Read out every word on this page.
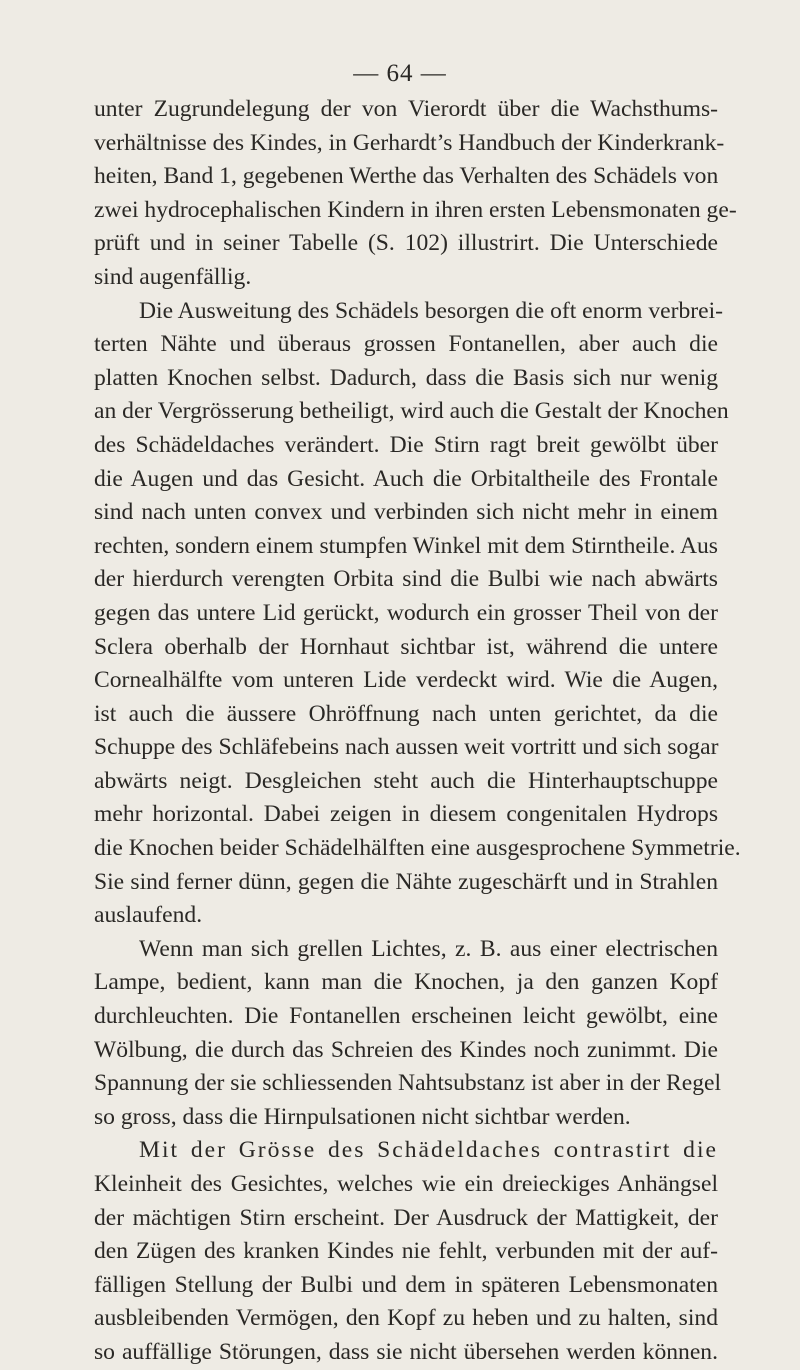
— 64 —
unter Zugrundelegung der von Vierordt über die Wachsthums-
verhältnisse des Kindes, in Gerhardt’s Handbuch der Kinderkrank-
heiten, Band 1, gegebenen Werthe das Verhalten des Schädels von
zwei hydrocephalischen Kindern in ihren ersten Lebensmonaten ge-
prüft und in seiner Tabelle (S. 102) illustrirt. Die Unterschiede
sind augenfällig.
Die Ausweitung des Schädels besorgen die oft enorm verbrei-
terten Nähte und überaus grossen Fontanellen, aber auch die
platten Knochen selbst. Dadurch, dass die Basis sich nur wenig
an der Vergrösserung betheiligt, wird auch die Gestalt der Knochen
des Schädeldaches verändert. Die Stirn ragt breit gewölbt über
die Augen und das Gesicht. Auch die Orbitaltheile des Frontale
sind nach unten convex und verbinden sich nicht mehr in einem
rechten, sondern einem stumpfen Winkel mit dem Stirntheile. Aus
der hierdurch verengten Orbita sind die Bulbi wie nach abwärts
gegen das untere Lid gerückt, wodurch ein grosser Theil von der
Sclera oberhalb der Hornhaut sichtbar ist, während die untere
Cornealhälfte vom unteren Lide verdeckt wird. Wie die Augen,
ist auch die äussere Ohröffnung nach unten gerichtet, da die
Schuppe des Schläfebeins nach aussen weit vortritt und sich sogar
abwärts neigt. Desgleichen steht auch die Hinterhauptschuppe
mehr horizontal. Dabei zeigen in diesem congenitalen Hydrops
die Knochen beider Schädelhälften eine ausgesprochene Symmetrie.
Sie sind ferner dünn, gegen die Nähte zugeschärft und in Strahlen
auslaufend.
Wenn man sich grellen Lichtes, z. B. aus einer electrischen
Lampe, bedient, kann man die Knochen, ja den ganzen Kopf
durchleuchten. Die Fontanellen erscheinen leicht gewölbt, eine
Wölbung, die durch das Schreien des Kindes noch zunimmt. Die
Spannung der sie schliessenden Nahtsubstanz ist aber in der Regel
so gross, dass die Hirnpulsationen nicht sichtbar werden.
Mit der Grösse des Schädeldaches contrastirt die
Kleinheit des Gesichtes, welches wie ein dreieckiges Anhängsel
der mächtigen Stirn erscheint. Der Ausdruck der Mattigkeit, der
den Zügen des kranken Kindes nie fehlt, verbunden mit der auf-
fälligen Stellung der Bulbi und dem in späteren Lebensmonaten
ausbleibenden Vermögen, den Kopf zu heben und zu halten, sind
so auffällige Störungen, dass sie nicht übersehen werden können.
